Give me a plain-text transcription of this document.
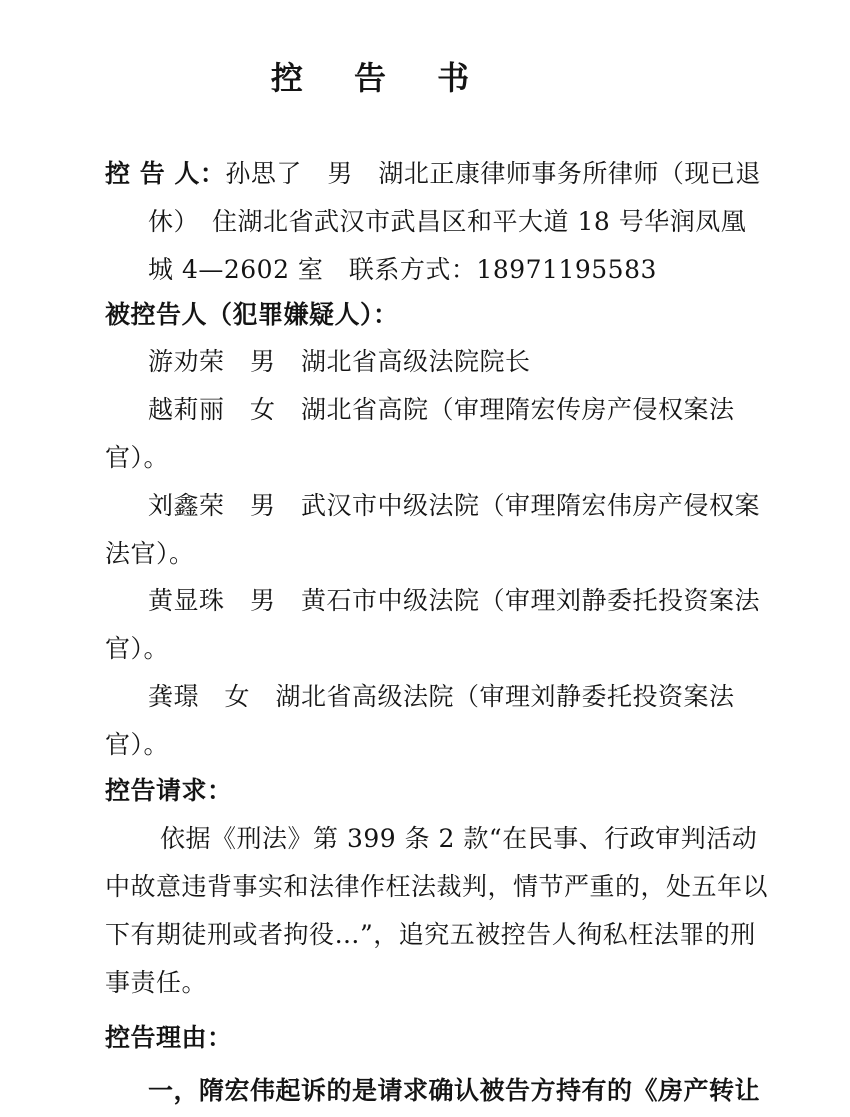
控 告 书
控 告 人：孙思了　男　湖北正康律师事务所律师（现已退
休）　住湖北省武汉市武昌区和平大道 18 号华润凤凰
城 4—2602 室　联系方式：18971195583
被控告人（犯罪嫌疑人）：
游劝荣　男　湖北省高级法院院长
越莉丽　女　湖北省高院（审理隋宏传房产侵权案法
官）。
刘鑫荣　男　武汉市中级法院（审理隋宏伟房产侵权案
法官）。
黄显珠　男　黄石市中级法院（审理刘静委托投资案法
官）。
龚璟　女　湖北省高级法院（审理刘静委托投资案法
官）。
控告请求：
依据《刑法》第 399 条 2 款“在民事、行政审判活动
中故意违背事实和法律作枉法裁判，情节严重的，处五年以
下有期徒刑或者拘役…”，追究五被控告人徇私枉法罪的刑
事责任。
控告理由：
一，隋宏伟起诉的是请求确认被告方持有的《房产转让
